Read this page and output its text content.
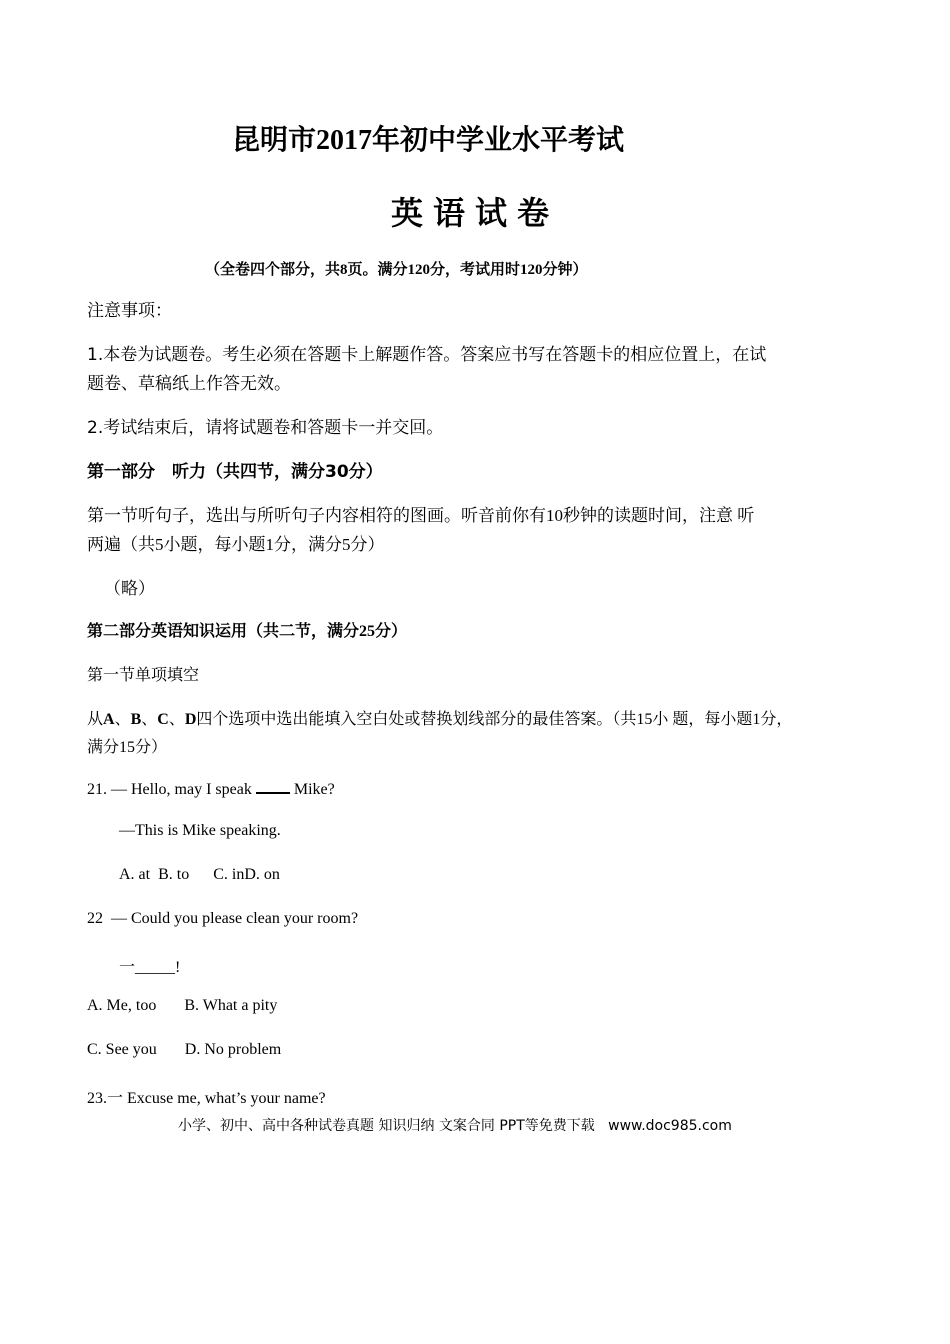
昆明市2017年初中学业水平考试
英语试卷
（全卷四个部分，共8页。满分120分，考试用时120分钟）
注意事项：
1.本卷为试题卷。考生必须在答题卡上解题作答。答案应书写在答题卡的相应位置上，在试
题卷、草稿纸上作答无效。
2.考试结束后，请将试题卷和答题卡一并交回。
第一部分　听力（共四节，满分30分）
第一节听句子，选出与所听句子内容相符的图画。听音前你有10秒钟的读题时间，注意 听
两遍（共5小题，每小题1分，满分5分）
（略）
第二部分英语知识运用（共二节，满分25分）
第一节单项填空
从A、B、C、D四个选项中选出能填入空白处或替换划线部分的最佳答案。（共15小 题，每小题1分，
满分15分）
21. — Hello, may I speak	Mike?
—This is Mike speaking.
A. at  B. to      C. inD. on
22  — Could you please clean your room?
一_____!
A. Me, too       B. What a pity
C. See you       D. No problem
23.一 Excuse me, what’s your name?
小学、初中、高中各种试卷真题 知识归纳 文案合同 PPT等免费下载   www.doc985.com
